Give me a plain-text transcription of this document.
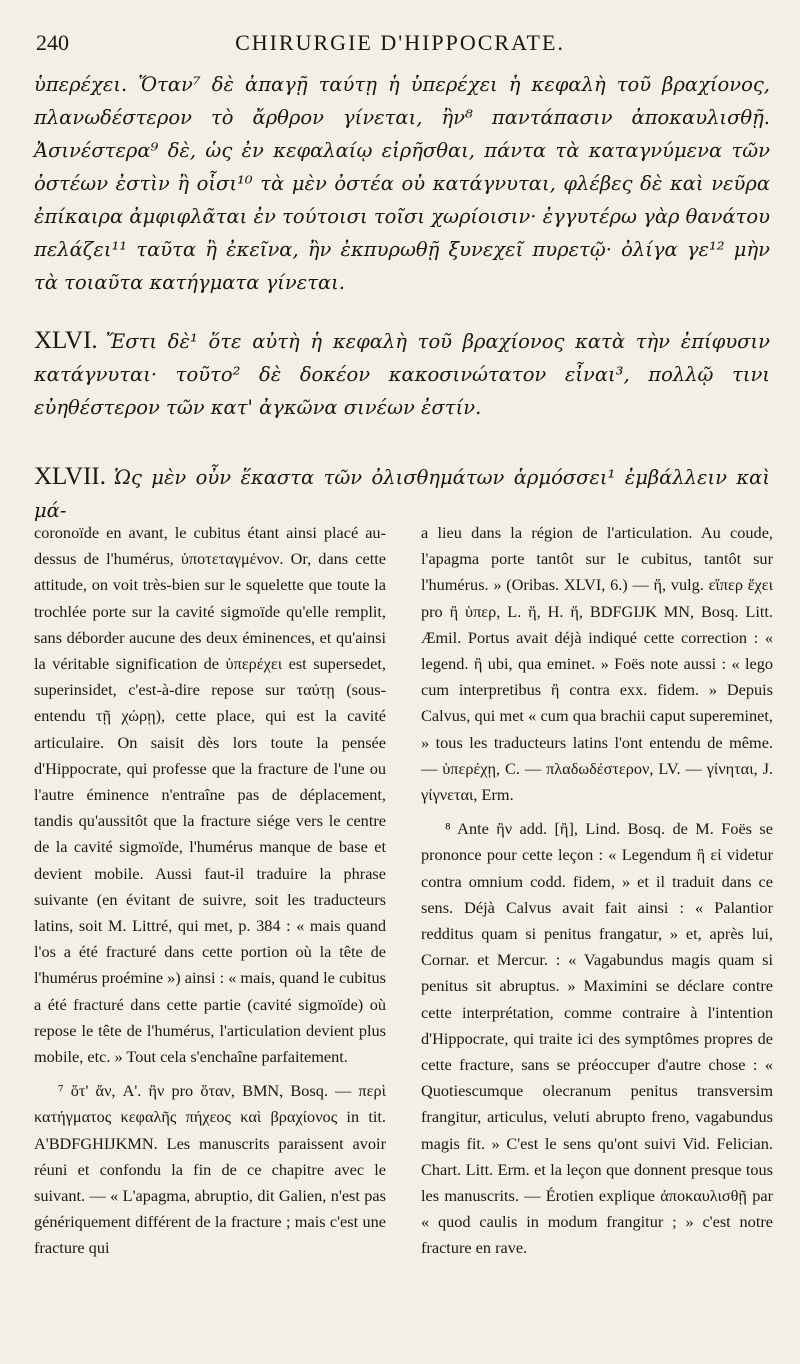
240	CHIRURGIE D'HIPPOCRATE.

ὑπερέχει. Ὅταν⁷ δὲ ἀπαγῇ ταύτῃ ἡ ὑπερέχει ἡ κεφαλὴ τοῦ βραχίονος, πλανωδέστερον τὸ ἄρθρον γίνεται, ἢν⁸ παντάπασιν ἀποκαυλισθῇ. Ἀσινέστερα⁹ δὲ, ὡς ἐν κεφαλαίῳ εἰρῆσθαι, πάντα τὰ καταγνύμενα τῶν ὀστέων ἐστὶν ἢ οἷσι¹⁰ τὰ μὲν ὀστέα οὐ κατάγνυται, φλέβες δὲ καὶ νεῦρα ἐπίκαιρα ἀμφιφλᾶται ἐν τούτοισι τοῖσι χωρίοισιν· ἐγγυτέρω γὰρ θανάτου πελάζει¹¹ ταῦτα ἢ ἐκεῖνα, ἢν ἐκπυρωθῇ ξυνεχεῖ πυρετῷ· ὀλίγα γε¹² μὴν τὰ τοιαῦτα κατήγματα γίνεται.

XLVI. Ἔστι δὲ¹ ὅτε αὐτὴ ἡ κεφαλὴ τοῦ βραχίονος κατὰ τὴν ἐπίφυσιν κατάγνυται· τοῦτο² δὲ δοκέον κακοσινώτατον εἶναι³, πολλῷ τινι εὐηθέστερον τῶν κατ' ἀγκῶνα σινέων ἐστίν.

XLVII. Ὡς μὲν οὖν ἕκαστα τῶν ὀλισθημάτων ἁρμόσσει¹ ἐμβάλλειν καὶ μά-

coronoïde en avant, le cubitus étant ainsi placé au-dessus de l'humérus, ὑποτεταγμένον. Or, dans cette attitude, on voit très-bien sur le squelette que toute la trochlée porte sur la cavité sigmoïde qu'elle remplit, sans déborder aucune des deux éminences, et qu'ainsi la véritable signification de ὑπερέχει est supersedet, superinsidet, c'est-à-dire repose sur ταύτῃ (sous-entendu τῇ χώρῃ), cette place, qui est la cavité articulaire. On saisit dès lors toute la pensée d'Hippocrate, qui professe que la fracture de l'une ou l'autre éminence n'entraîne pas de déplacement, tandis qu'aussitôt que la fracture siége vers le centre de la cavité sigmoïde, l'humérus manque de base et devient mobile. Aussi faut-il traduire la phrase suivante (en évitant de suivre, soit les traducteurs latins, soit M. Littré, qui met, p. 384 : « mais quand l'os a été fracturé dans cette portion où la tête de l'humérus proémine ») ainsi : « mais, quand le cubitus a été fracturé dans cette partie (cavité sigmoïde) où repose le tête de l'humérus, l'articulation devient plus mobile, etc. » Tout cela s'enchaîne parfaitement.

⁷ ὅτ' ἄν, A'. ἢν pro ὅταν, BMN, Bosq. — περὶ κατήγματος κεφαλῆς πήχεος καὶ βραχίονος in tit. A'BDFGHIJKMN. Les manuscrits paraissent avoir réuni et confondu la fin de ce chapitre avec le suivant. — « L'apagma, abruptio, dit Galien, n'est pas génériquement différent de la fracture ; mais c'est une fracture qui

a lieu dans la région de l'articulation. Au coude, l'apagma porte tantôt sur le cubitus, tantôt sur l'humérus. » (Oribas. XLVI, 6.) — ἥ, vulg. εἴπερ ἔχει pro ἢ ὑπερ, L. ἥ, H. ἥ, BDFGIJK MN, Bosq. Litt. Æmil. Portus avait déjà indiqué cette correction : « legend. ἢ ubi, qua eminet. » Foës note aussi : « lego cum interpretibus ἢ contra exx. fidem. » Depuis Calvus, qui met « cum qua brachii caput supereminet, » tous les traducteurs latins l'ont entendu de même. — ὑπερέχῃ, C. — πλαδωδέστερον, LV. — γίνηται, J. γίγνεται, Erm.

⁸ Ante ἢν add. [ἢ], Lind. Bosq. de M. Foës se prononce pour cette leçon : « Legendum ἢ εἰ videtur contra omnium codd. fidem, » et il traduit dans ce sens. Déjà Calvus avait fait ainsi : « Palantior redditus quam si penitus frangatur, » et, après lui, Cornar. et Mercur. : « Vagabundus magis quam si penitus sit abruptus. » Maximini se déclare contre cette interprétation, comme contraire à l'intention d'Hippocrate, qui traite ici des symptômes propres de cette fracture, sans se préoccuper d'autre chose : « Quotiescumque olecranum penitus transversim frangitur, articulus, veluti abrupto freno, vagabundus magis fit. » C'est le sens qu'ont suivi Vid. Felician. Chart. Litt. Erm. et la leçon que donnent presque tous les manuscrits. — Érotien explique ἀποκαυλισθῇ par « quod caulis in modum frangitur ; » c'est notre fracture en rave.
